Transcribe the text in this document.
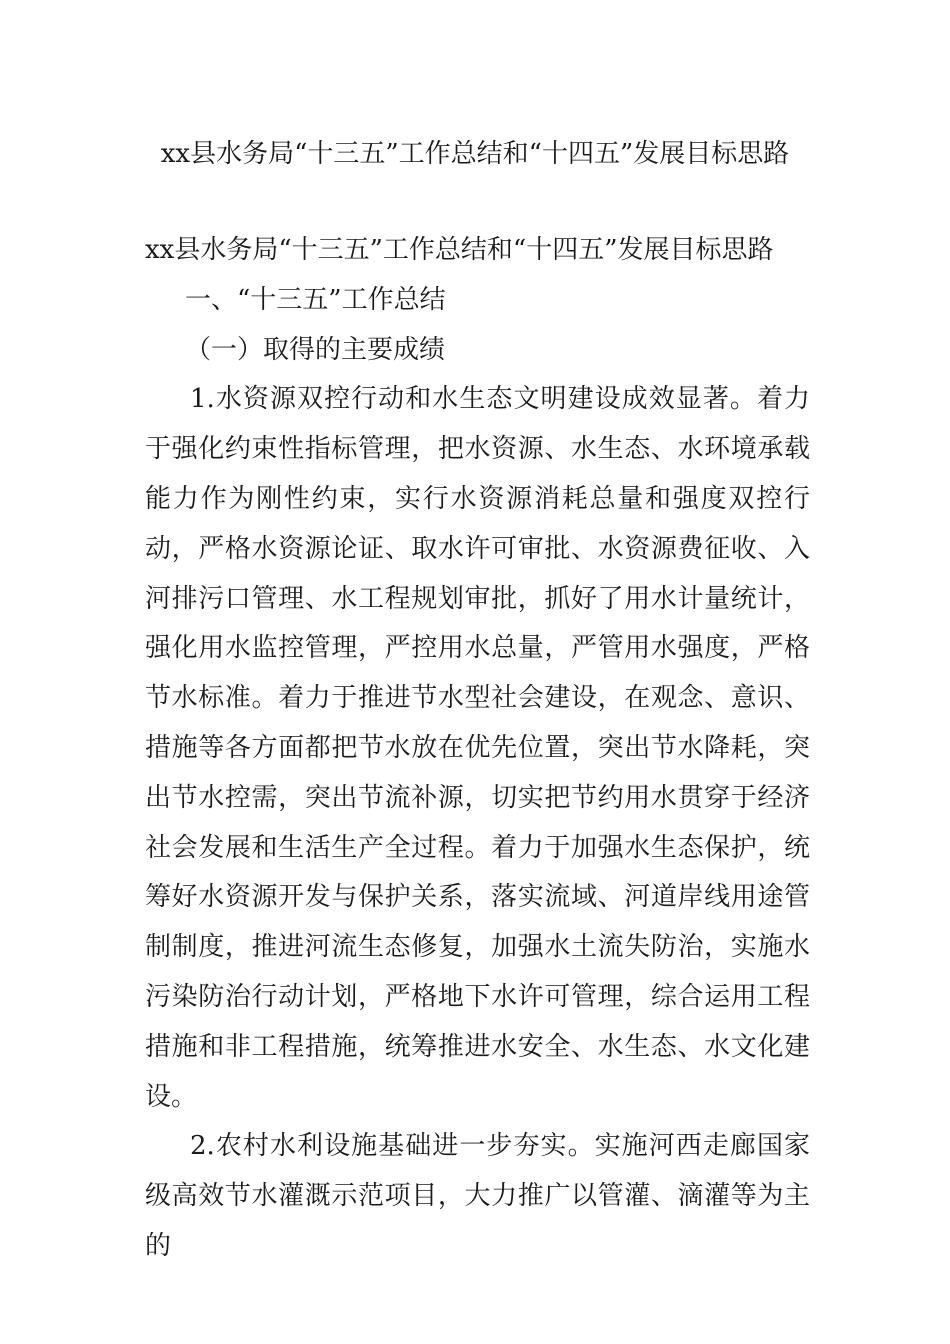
xx县水务局“十三五”工作总结和“十四五”发展目标思路

xx县水务局“十三五”工作总结和“十四五”发展目标思路

一、“十三五”工作总结

（一）取得的主要成绩

1.水资源双控行动和水生态文明建设成效显著。着力于强化约束性指标管理，把水资源、水生态、水环境承载能力作为刚性约束，实行水资源消耗总量和强度双控行动，严格水资源论证、取水许可审批、水资源费征收、入河排污口管理、水工程规划审批，抓好了用水计量统计，强化用水监控管理，严控用水总量，严管用水强度，严格节水标准。着力于推进节水型社会建设，在观念、意识、措施等各方面都把节水放在优先位置，突出节水降耗，突出节水控需，突出节流补源，切实把节约用水贯穿于经济社会发展和生活生产全过程。着力于加强水生态保护，统筹好水资源开发与保护关系，落实流域、河道岸线用途管制制度，推进河流生态修复，加强水土流失防治，实施水污染防治行动计划，严格地下水许可管理，综合运用工程措施和非工程措施，统筹推进水安全、水生态、水文化建设。

2.农村水利设施基础进一步夯实。实施河西走廊国家级高效节水灌溉示范项目，大力推广以管灌、滴灌等为主的
